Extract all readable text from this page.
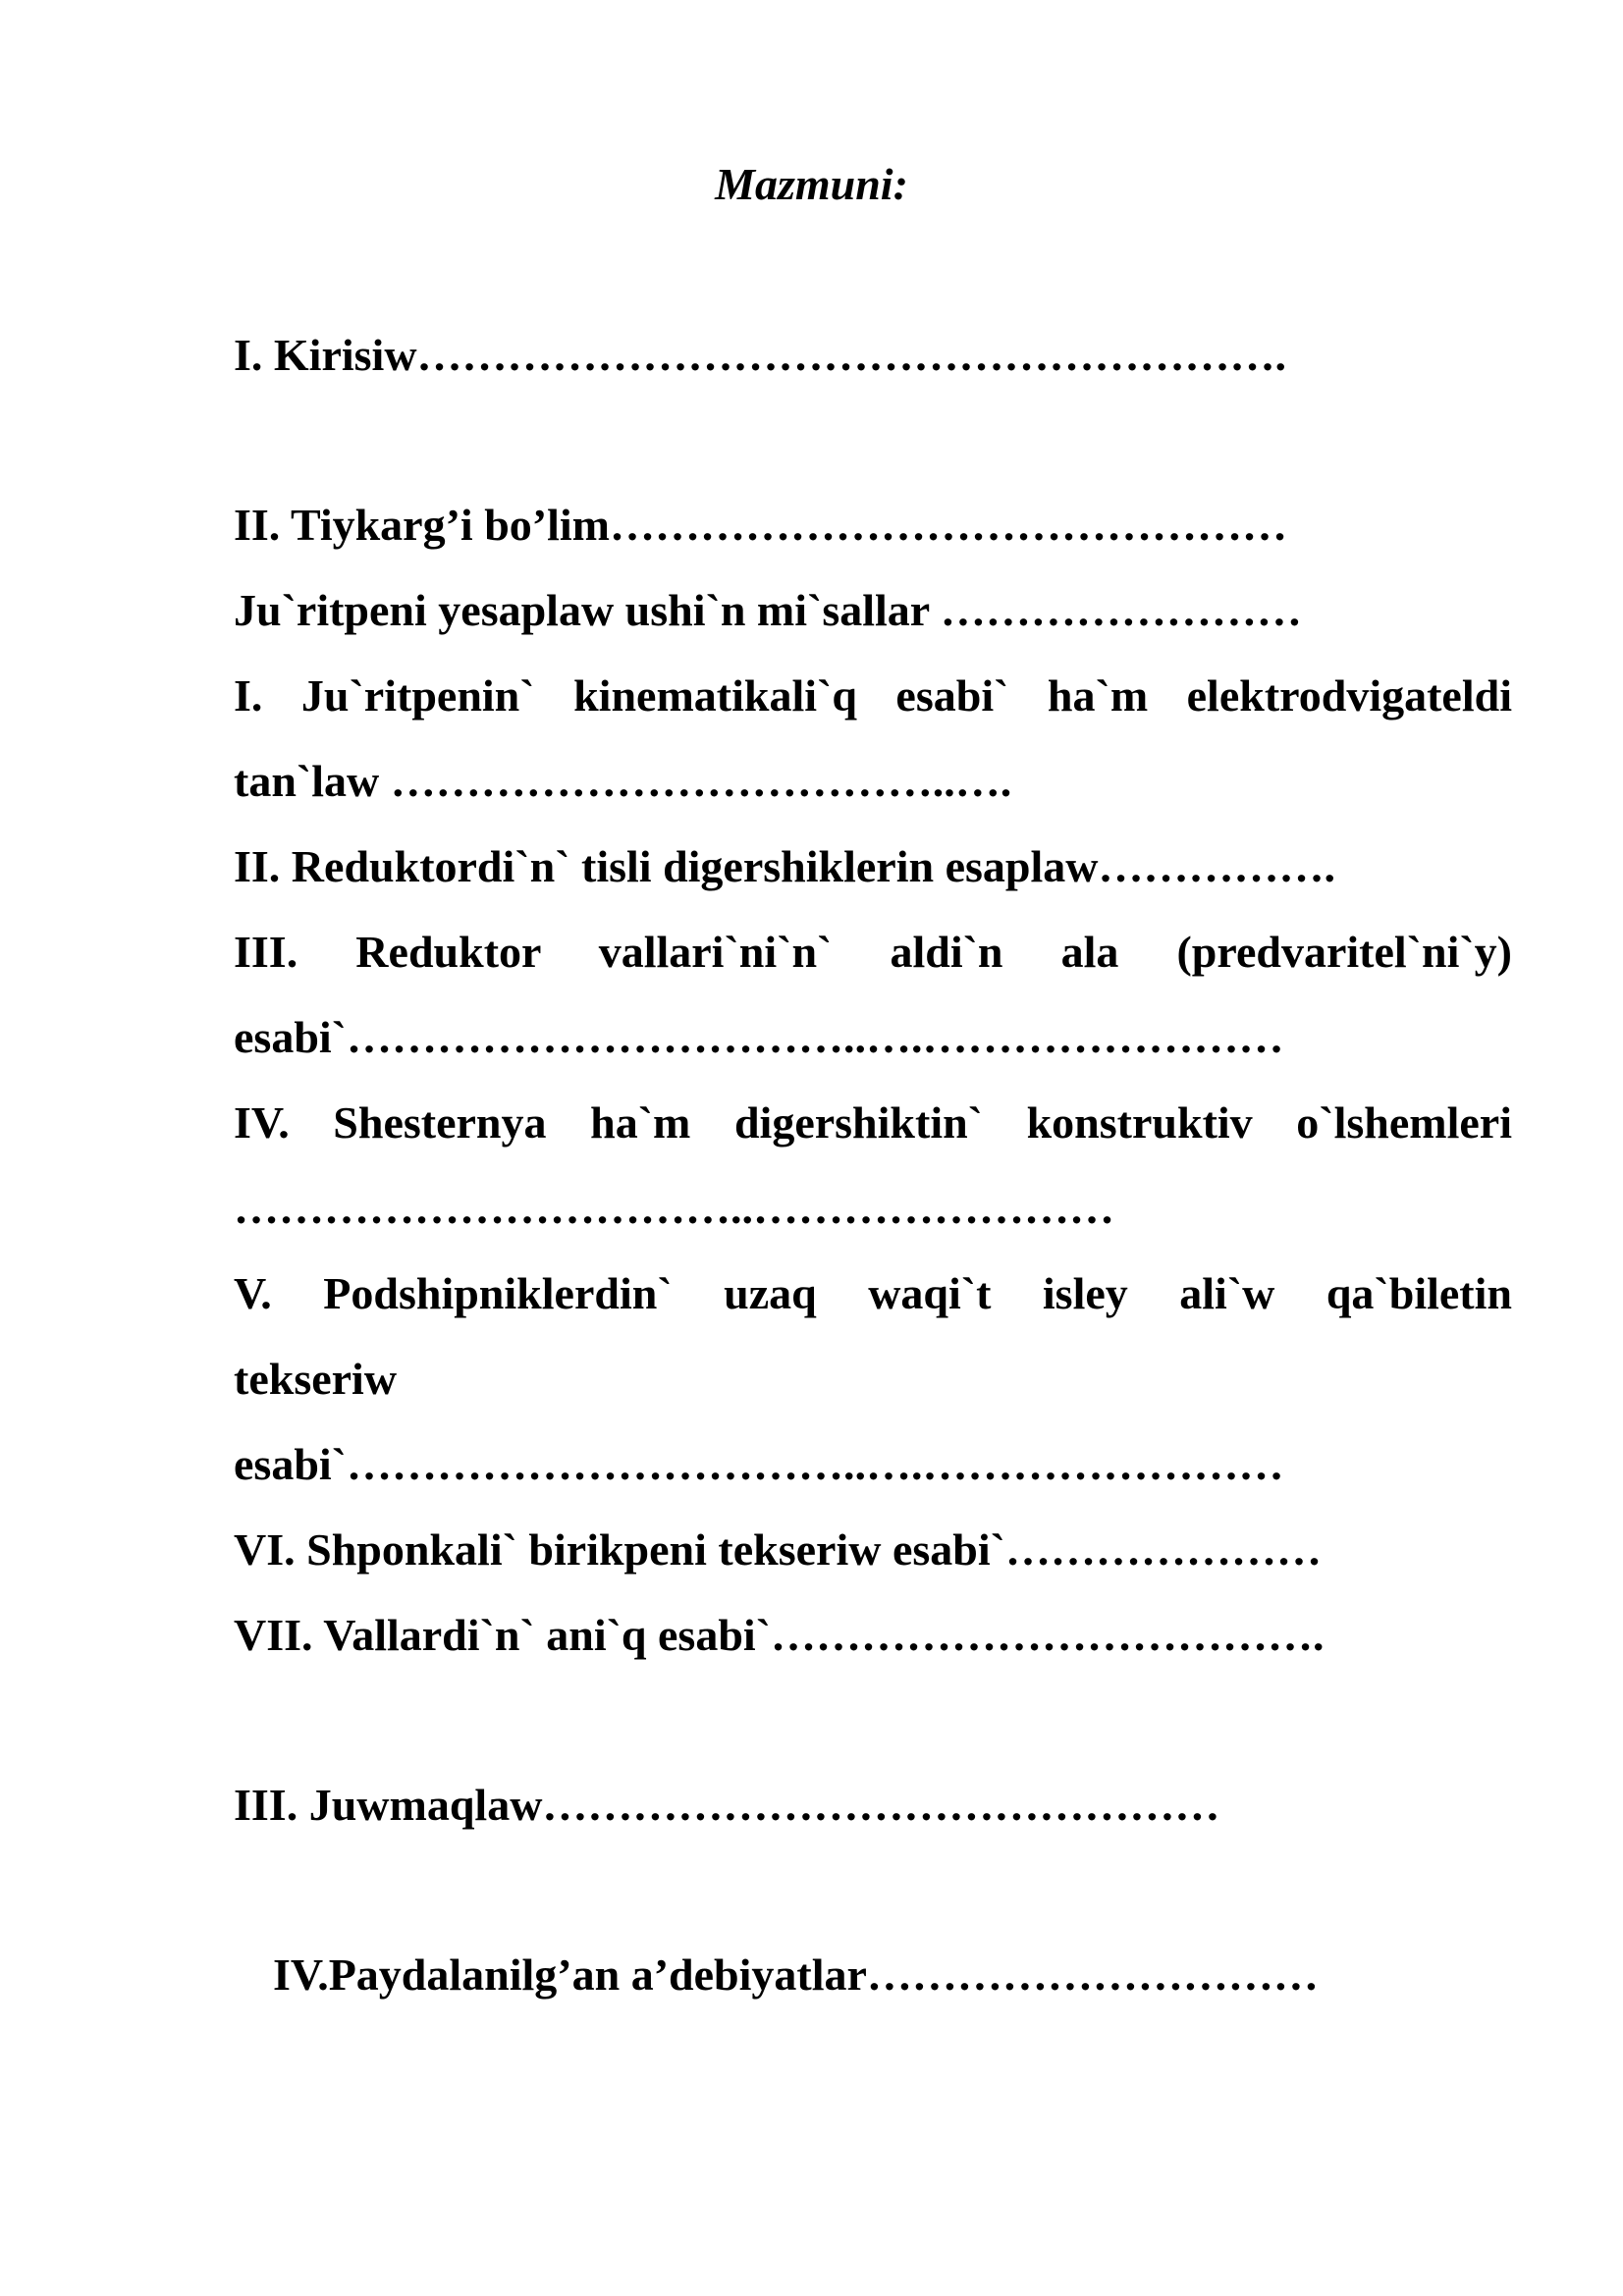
Mazmuni:
I. Kirisiw………………………………………………….
II. Tiykarg’i bo’lim………………………………………
Ju`ritpeni yesaplaw ushi`n mi`sallar ……………………
I. Ju`ritpenin` kinematikali`q esabi` ha`m elektrodvigateldi
tan`law ………………………………..….
II. Reduktordi`n` tisli digershiklerin esaplaw…………….
III. Reduktor vallari`ni`n` aldi`n ala (predvaritel`ni`y)
esabi`……………………………..….……………………
IV. Shesternya ha`m digershiktin` konstruktiv o`lshemleri
……………………………..……………………
V. Podshipniklerdin` uzaq waqi`t isley ali`w qa`biletin
tekseriw
esabi`……………………………..….……………………
VI. Shponkali` birikpeni tekseriw esabi`…………………
VII. Vallardi`n` ani`q esabi`……………………………….
III. Juwmaqlaw………………………………………
IV.Paydalanilg’an a’debiyatlar…………………………
